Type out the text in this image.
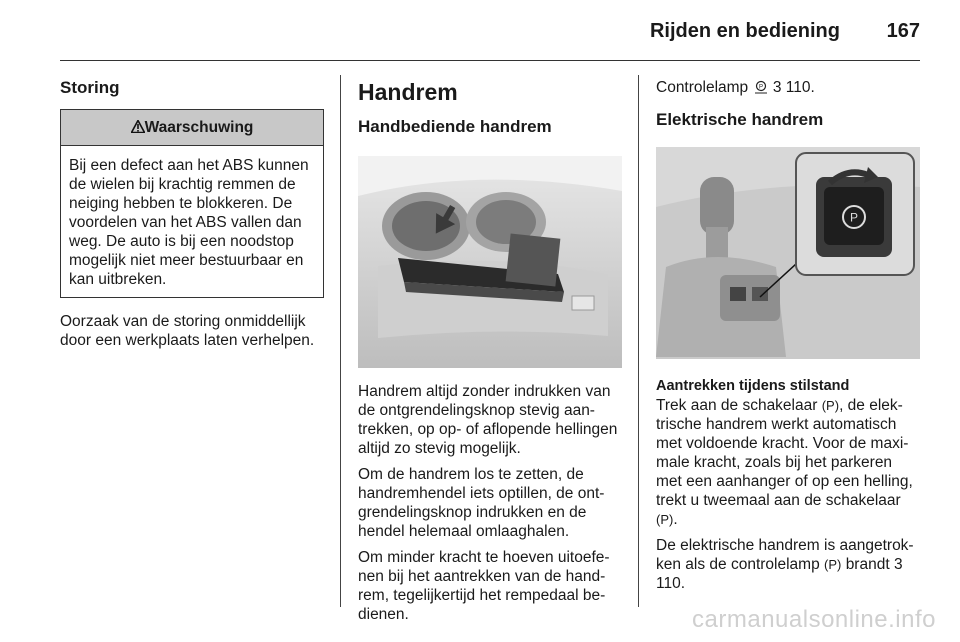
Rijden en bediening 167
Storing
Waarschuwing
Bij een defect aan het ABS kunnen de wielen bij krachtig remmen de neiging hebben te blokkeren. De voordelen van het ABS vallen dan weg. De auto is bij een noodstop mogelijk niet meer bestuurbaar en kan uitbreken.

Oorzaak van de storing onmiddellijk door een werkplaats laten verhelpen.

Handrem
Handbediende handrem

Handrem altijd zonder indrukken van de ontgrendelingsknop stevig aan-trekken, op op- of aflopende hellingen altijd zo stevig mogelijk.

Om de handrem los te zetten, de handremhendel iets optillen, de ont-grendelingsknop indrukken en de hendel helemaal omlaaghalen.

Om minder kracht te hoeven uitoefe-nen bij het aantrekken van de hand-rem, tegelijkertijd het rempedaal be-dienen.

Controlelamp P 3 110.

Elektrische handrem
P
Aantrekken tijdens stilstand

Trek aan de schakelaar (P), de elek-trische handrem werkt automatisch met voldoende kracht. Voor de maxi-male kracht, zoals bij het parkeren met een aanhanger of op een helling, trekt u tweemaal aan de schakelaar (P).

De elektrische handrem is aangetrok-ken als de controlelamp (P) brandt 3 110.

carmanualsonline.info
